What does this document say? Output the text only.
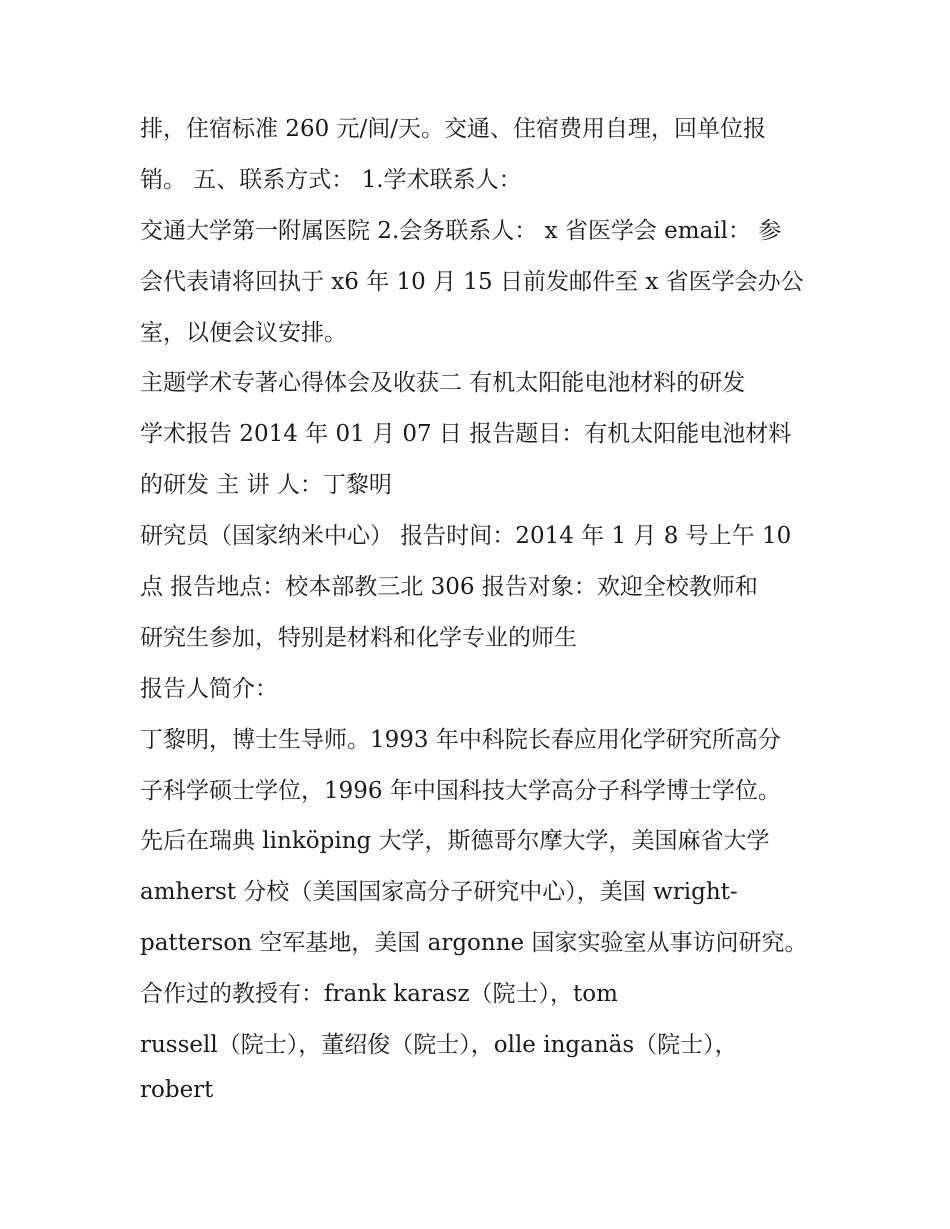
排，住宿标准 260 元/间/天。交通、住宿费用自理，回单位报
销。 五、联系方式： 1.学术联系人：
交通大学第一附属医院 2.会务联系人： x 省医学会 email： 参
会代表请将回执于 x6 年 10 月 15 日前发邮件至 x 省医学会办公
室，以便会议安排。
主题学术专著心得体会及收获二 有机太阳能电池材料的研发
学术报告 2014 年 01 月 07 日 报告题目：有机太阳能电池材料
的研发 主 讲 人：丁黎明
研究员（国家纳米中心） 报告时间：2014 年 1 月 8 号上午 10
点 报告地点：校本部教三北 306 报告对象：欢迎全校教师和
研究生参加，特别是材料和化学专业的师生
报告人简介：
丁黎明，博士生导师。1993 年中科院长春应用化学研究所高分
子科学硕士学位，1996 年中国科技大学高分子科学博士学位。
先后在瑞典 linköping 大学，斯德哥尔摩大学，美国麻省大学
amherst 分校（美国国家高分子研究中心），美国 wright-
patterson 空军基地，美国 argonne 国家实验室从事访问研究。
合作过的教授有：frank karasz（院士），tom
russell（院士），董绍俊（院士），olle inganäs（院士），
robert
